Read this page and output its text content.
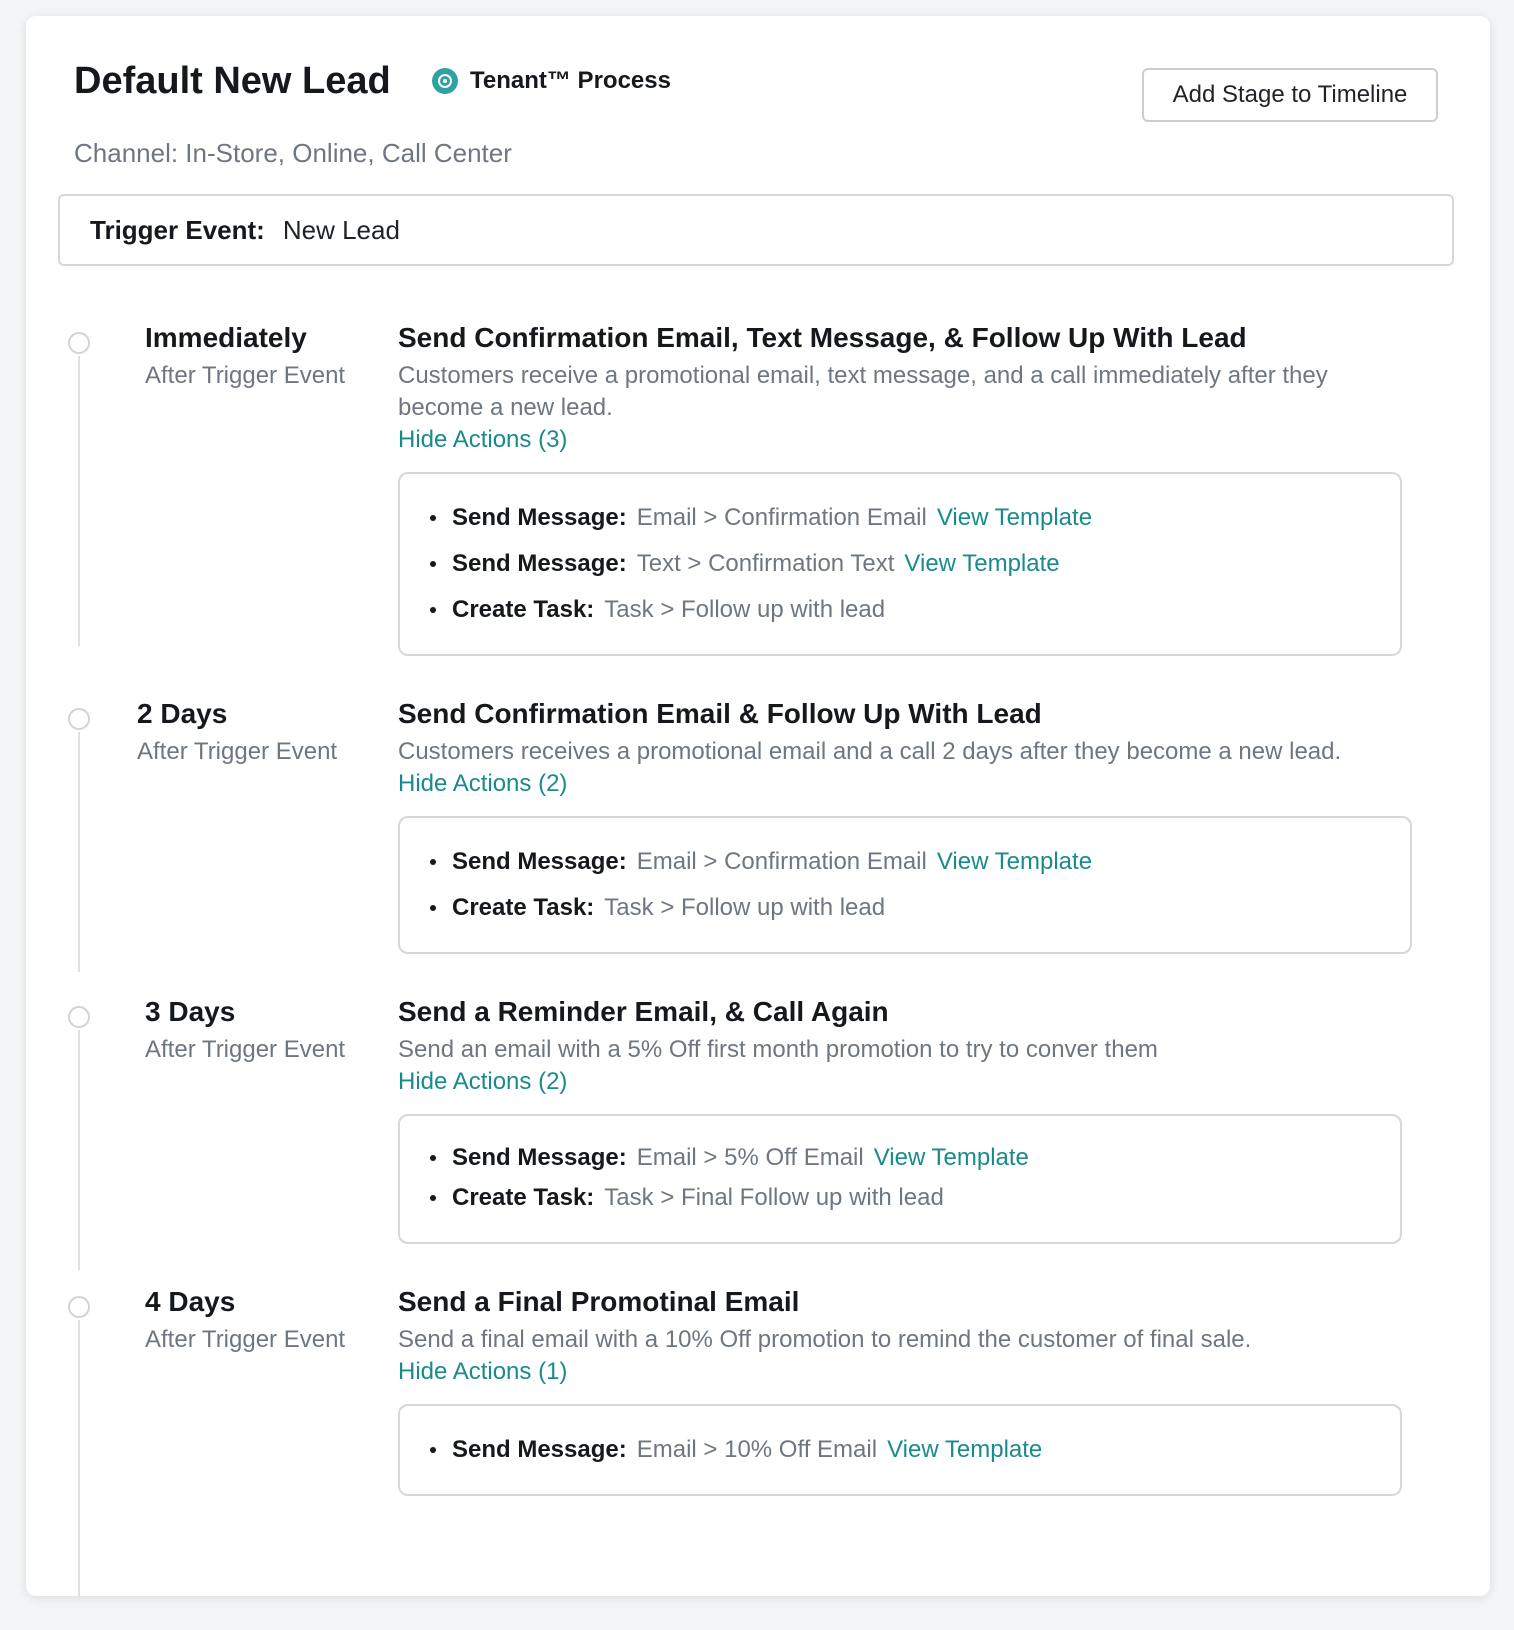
Default New Lead	Tenant™ Process
Add Stage to Timeline
Channel: In-Store, Online, Call Center
Trigger Event: New Lead
Immediately
After Trigger Event
Send Confirmation Email, Text Message, & Follow Up With Lead
Customers receive a promotional email, text message, and a call immediately after they become a new lead.
Hide Actions (3)
Send Message: Email > Confirmation Email View Template
Send Message: Text > Confirmation Text View Template
Create Task: Task > Follow up with lead
2 Days
After Trigger Event
Send Confirmation Email & Follow Up With Lead
Customers receives a promotional email and a call 2 days after they become a new lead.
Hide Actions (2)
Send Message: Email > Confirmation Email View Template
Create Task: Task > Follow up with lead
3 Days
After Trigger Event
Send a Reminder Email, & Call Again
Send an email with a 5% Off first month promotion to try to conver them
Hide Actions (2)
Send Message: Email > 5% Off Email View Template
Create Task: Task > Final Follow up with lead
4 Days
After Trigger Event
Send a Final Promotinal Email
Send a final email with a 10% Off promotion to remind the customer of final sale.
Hide Actions (1)
Send Message: Email > 10% Off Email View Template
